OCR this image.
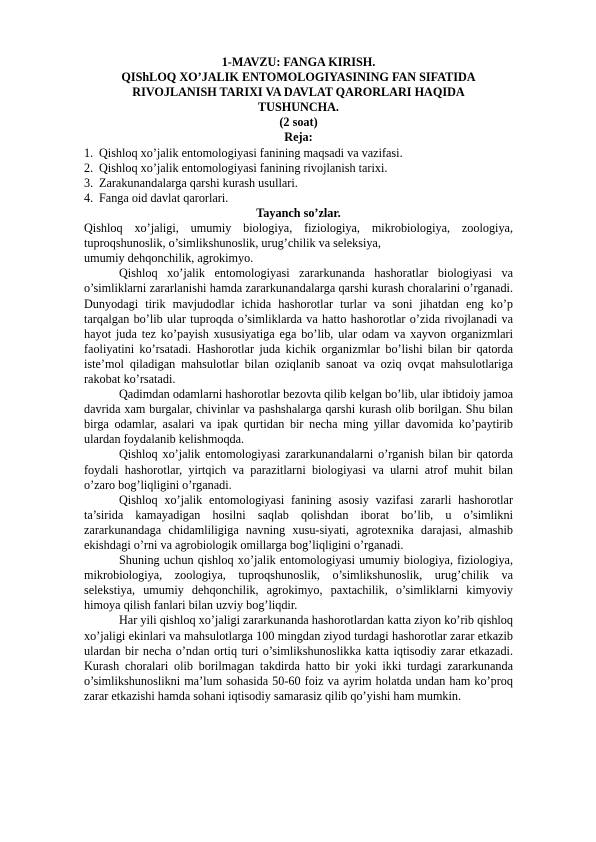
1-MAVZU: FANGA KIRISH.
QIShLOQ XO’JALIK ENTOMOLOGIYASINING FAN SIFATIDA
RIVOJLANISH TARIXI VA DAVLAT QARORLARI HAQIDA
TUSHUNCHA.
(2 soat)
Reja:
1. Qishloq xo’jalik entomologiyasi fanining maqsadi va vazifasi.
2. Qishloq xo’jalik entomologiyasi fanining rivojlanish tarixi.
3. Zarakunandalarga qarshi kurash usullari.
4. Fanga oid davlat qarorlari.
Tayanch so’zlar.

Qishloq xo’jaligi, umumiy biologiya, fiziologiya, mikrobiologiya, zoologiya, tuproqshunoslik, o’simlikshunoslik, urug’chilik va seleksiya,

umumiy dehqonchilik, agrokimyo.

Qishloq xo’jalik entomologiyasi zararkunanda hashoratlar biologiyasi va o’simliklarni zararlanishi hamda zararkunandalarga qarshi kurash choralarini o’rganadi. Dunyodagi tirik mavjudodlar ichida hashorotlar turlar va soni jihatdan eng ko’p tarqalgan bo’lib ular tuproqda o’simliklarda va hatto hashorotlar o’zida rivojlanadi va hayot juda tez ko’payish xususiyatiga ega bo’lib, ular odam va xayvon organizmlari faoliyatini ko’rsatadi. Hashorotlar juda kichik organizmlar bo’lishi bilan bir qatorda iste’mol qiladigan mahsulotlar bilan oziqlanib sanoat va oziq ovqat mahsulotlariga rakobat ko’rsatadi.

Qadimdan odamlarni hashorotlar bezovta qilib kelgan bo’lib, ular ibtidoiy jamoa davrida xam burgalar, chivinlar va pashshalarga qarshi kurash olib borilgan. Shu bilan birga odamlar, asalari va ipak qurtidan bir necha ming yillar davomida ko’paytirib ulardan foydalanib kelishmoqda.

Qishloq xo’jalik entomologiyasi zararkunandalarni o’rganish bilan bir qatorda foydali hashorotlar, yirtqich va parazitlarni biologiyasi va ularni atrof muhit bilan o’zaro bog’liqligini o’rganadi.

Qishloq xo’jalik entomologiyasi fanining asosiy vazifasi zararli hashorotlar ta’sirida kamayadigan hosilni saqlab qolishdan iborat bo’lib, u o’simlikni zararkunandaga chidamliligiga navning xusu-siyati, agrotexnika darajasi, almashib ekishdagi o’rni va agrobiologik omillarga bog’liqligini o’rganadi.

Shuning uchun qishloq xo’jalik entomologiyasi umumiy biologiya, fiziologiya, mikrobiologiya, zoologiya, tuproqshunoslik, o’simlikshunoslik, urug’chilik va selekstiya, umumiy dehqonchilik, agrokimyo, paxtachilik, o’simliklarni kimyoviy himoya qilish fanlari bilan uzviy bog’liqdir.

Har yili qishloq xo’jaligi zararkunanda hashorotlardan katta ziyon ko’rib qishloq xo’jaligi ekinlari va mahsulotlarga 100 mingdan ziyod turdagi hashorotlar zarar etkazib ulardan bir necha o’ndan ortiq turi o’simlikshunoslikka katta iqtisodiy zarar etkazadi. Kurash choralari olib borilmagan takdirda hatto bir yoki ikki turdagi zararkunanda o’simlikshunoslikni ma’lum sohasida 50-60 foiz va ayrim holatda undan ham ko’proq zarar etkazishi hamda sohani iqtisodiy samarasiz qilib qo’yishi ham mumkin.
